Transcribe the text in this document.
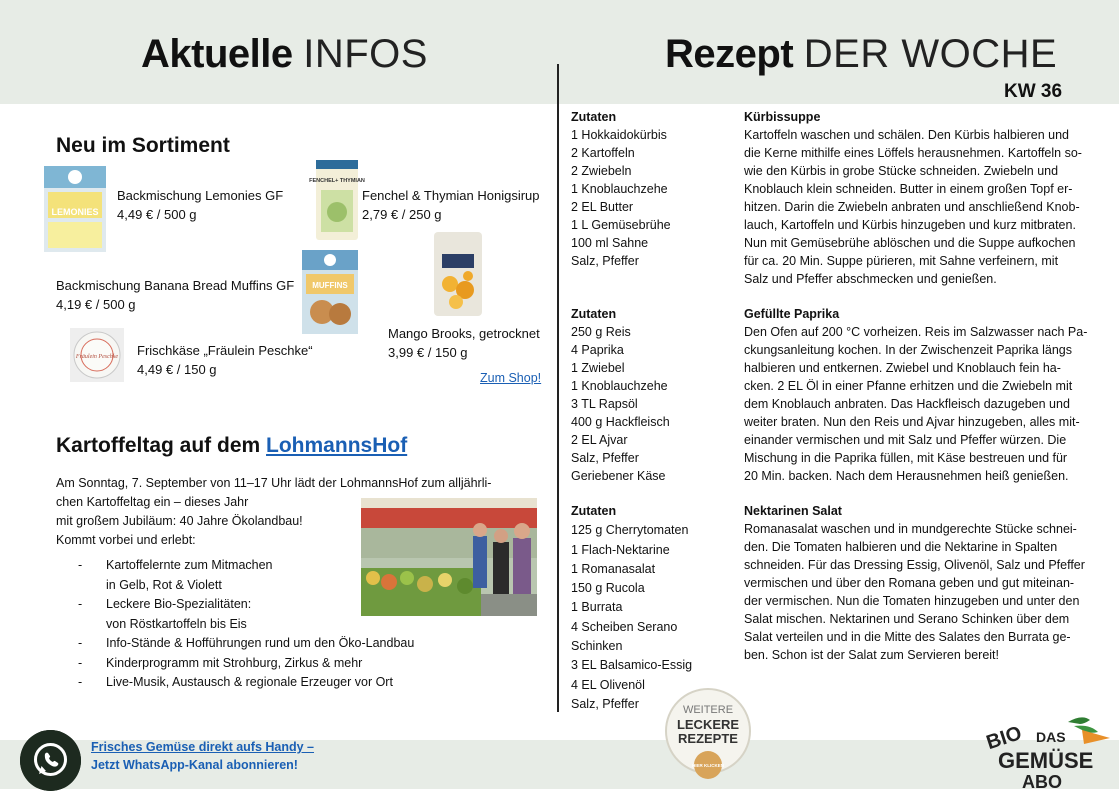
Aktuelle INFOS	Rezept DER WOCHE
KW 36
Neu im Sortiment
LEMONIES
Backmischung Lemonies GF
4,49 € / 500 g
FENCHEL+ THYMIAN
Fenchel & Thymian Honigsirup
2,79 € / 250 g
MUFFINS
Backmischung Banana Bread Muffins GF
4,19 € / 500 g
Fräulein Peschke Frischkäse „Fräulein Peschke“
4,49 € / 150 g
Mango Brooks, getrocknet
3,99 € / 150 g
Zum Shop!
Kartoffeltag auf dem LohmannsHof
Am Sonntag, 7. September von 11–17 Uhr lädt der LohmannsHof zum alljährli-
chen Kartoffeltag ein – dieses Jahr
mit großem Jubiläum: 40 Jahre Ökolandbau!
Kommt vorbei und erlebt:
- Kartoffelernte zum Mitmachen
in Gelb, Rot & Violett
- Leckere Bio-Spezialitäten:
von Röstkartoffeln bis Eis
- Info-Stände & Hofführungen rund um den Öko-Landbau
- Kinderprogramm mit Strohburg, Zirkus & mehr
- Live-Musik, Austausch & regionale Erzeuger vor Ort
Frisches Gemüse direkt aufs Handy –
Jetzt WhatsApp-Kanal abonnieren!
Zutaten
1 Hokkaidokürbis
2 Kartoffeln
2 Zwiebeln
1 Knoblauchzehe
2 EL Butter
1 L Gemüsebrühe
100 ml Sahne
Salz, Pfeffer
Zutaten
250 g Reis
4 Paprika
1 Zwiebel
1 Knoblauchzehe
3 TL Rapsöl
400 g Hackfleisch
2 EL Ajvar
Salz, Pfeffer
Geriebener Käse
Zutaten
125 g Cherrytomaten
1 Flach-Nektarine
1 Romanasalat
150 g Rucola
1 Burrata
4 Scheiben Serano
Schinken
3 EL Balsamico-Essig
4 EL Olivenöl
Salz, Pfeffer
Kürbissuppe
Kartoffeln waschen und schälen. Den Kürbis halbieren und
die Kerne mithilfe eines Löffels herausnehmen. Kartoffeln so-
wie den Kürbis in grobe Stücke schneiden. Zwiebeln und
Knoblauch klein schneiden. Butter in einem großen Topf er-
hitzen. Darin die Zwiebeln anbraten und anschließend Knob-
lauch, Kartoffeln und Kürbis hinzugeben und kurz mitbraten.
Nun mit Gemüsebrühe ablöschen und die Suppe aufkochen
für ca. 20 Min. Suppe pürieren, mit Sahne verfeinern, mit
Salz und Pfeffer abschmecken und genießen.
Gefüllte Paprika
Den Ofen auf 200 °C vorheizen. Reis im Salzwasser nach Pa-
ckungsanleitung kochen. In der Zwischenzeit Paprika längs
halbieren und entkernen. Zwiebel und Knoblauch fein ha-
cken. 2 EL Öl in einer Pfanne erhitzen und die Zwiebeln mit
dem Knoblauch anbraten. Das Hackfleisch dazugeben und
weiter braten. Nun den Reis und Ajvar hinzugeben, alles mit-
einander vermischen und mit Salz und Pfeffer würzen. Die
Mischung in die Paprika füllen, mit Käse bestreuen und für
20 Min. backen. Nach dem Herausnehmen heiß genießen.
Nektarinen Salat
Romanasalat waschen und in mundgerechte Stücke schnei-
den. Die Tomaten halbieren und die Nektarine in Spalten
schneiden. Für das Dressing Essig, Olivenöl, Salz und Pfeffer
vermischen und über den Romana geben und gut miteinan-
der vermischen. Nun die Tomaten hinzugeben und unter den
Salat mischen. Nektarinen und Serano Schinken über dem
Salat verteilen und in die Mitte des Salates den Burrata ge-
ben. Schon ist der Salat zum Servieren bereit!
WEITERE
LECKERE
REZEPTE
HIER KLICKEN
BIO DAS
GEMÜSE
ABO
